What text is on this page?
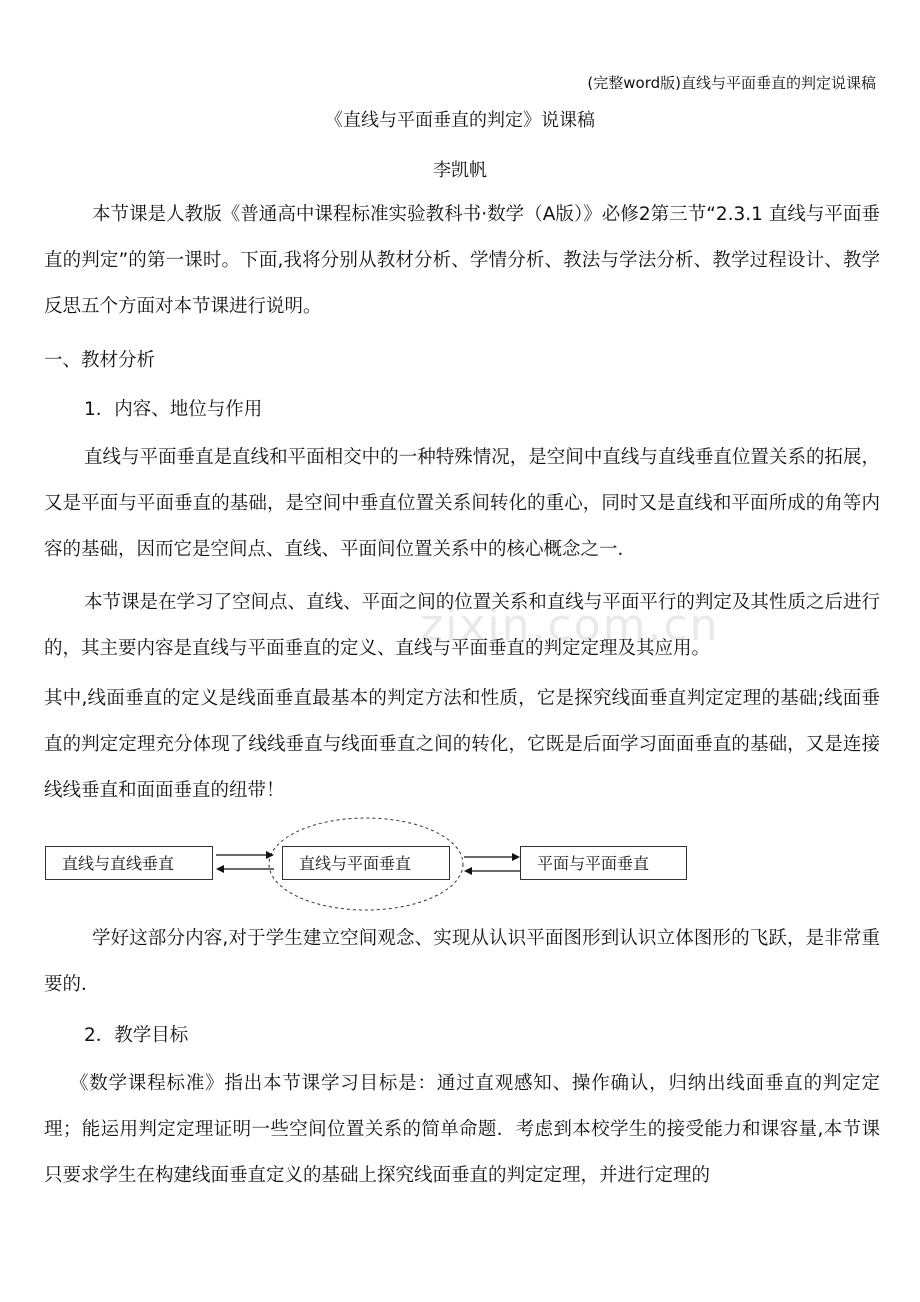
zixin.com.cn
(完整word版)直线与平面垂直的判定说课稿
《直线与平面垂直的判定》说课稿
李凯帆

本节课是人教版《普通高中课程标准实验教科书·数学（A版）》必修2第三节“2.3.1 直线与平面垂直的判定”的第一课时。下面,我将分别从教材分析、学情分析、教法与学法分析、教学过程设计、教学反思五个方面对本节课进行说明。

一、教材分析

1．内容、地位与作用

直线与平面垂直是直线和平面相交中的一种特殊情况，是空间中直线与直线垂直位置关系的拓展，又是平面与平面垂直的基础，是空间中垂直位置关系间转化的重心，同时又是直线和平面所成的角等内容的基础，因而它是空间点、直线、平面间位置关系中的核心概念之一．

本节课是在学习了空间点、直线、平面之间的位置关系和直线与平面平行的判定及其性质之后进行的，其主要内容是直线与平面垂直的定义、直线与平面垂直的判定定理及其应用。

其中,线面垂直的定义是线面垂直最基本的判定方法和性质，它是探究线面垂直判定定理的基础;线面垂直的判定定理充分体现了线线垂直与线面垂直之间的转化，它既是后面学习面面垂直的基础，又是连接线线垂直和面面垂直的纽带！

直线与直线垂直	直线与平面垂直	平面与平面垂直

学好这部分内容,对于学生建立空间观念、实现从认识平面图形到认识立体图形的飞跃，是非常重要的．

2．教学目标

《数学课程标准》指出本节课学习目标是：通过直观感知、操作确认，归纳出线面垂直的判定定理；能运用判定定理证明一些空间位置关系的简单命题．考虑到本校学生的接受能力和课容量,本节课只要求学生在构建线面垂直定义的基础上探究线面垂直的判定定理，并进行定理的
